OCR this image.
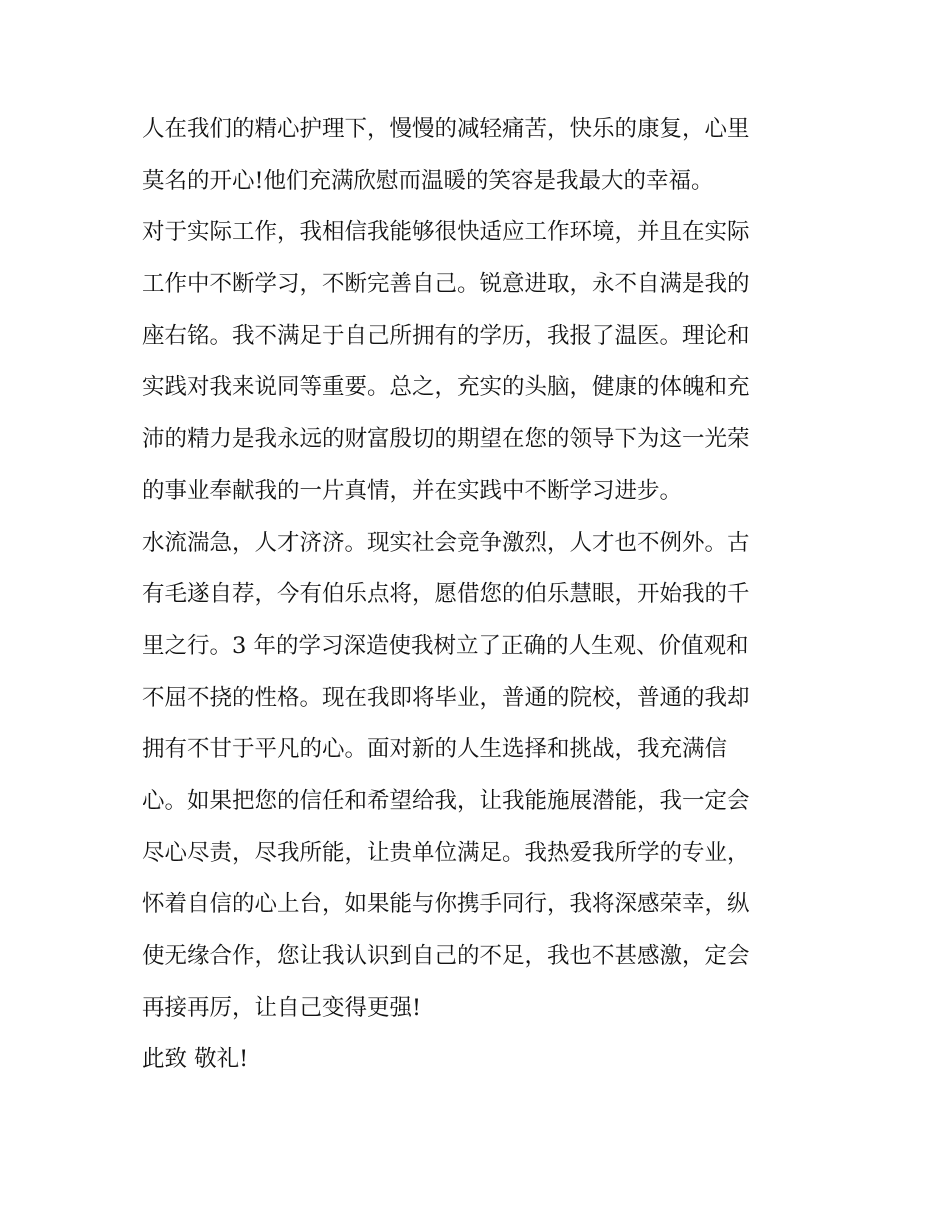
人在我们的精心护理下，慢慢的减轻痛苦，快乐的康复，心里
莫名的开心!他们充满欣慰而温暖的笑容是我最大的幸福。
对于实际工作，我相信我能够很快适应工作环境，并且在实际
工作中不断学习，不断完善自己。锐意进取，永不自满是我的
座右铭。我不满足于自己所拥有的学历，我报了温医。理论和
实践对我来说同等重要。总之，充实的头脑，健康的体魄和充
沛的精力是我永远的财富殷切的期望在您的领导下为这一光荣
的事业奉献我的一片真情，并在实践中不断学习进步。
水流湍急，人才济济。现实社会竞争激烈，人才也不例外。古
有毛遂自荐，今有伯乐点将，愿借您的伯乐慧眼，开始我的千
里之行。3 年的学习深造使我树立了正确的人生观、价值观和
不屈不挠的性格。现在我即将毕业，普通的院校，普通的我却
拥有不甘于平凡的心。面对新的人生选择和挑战，我充满信
心。如果把您的信任和希望给我，让我能施展潜能，我一定会
尽心尽责，尽我所能，让贵单位满足。我热爱我所学的专业，
怀着自信的心上台，如果能与你携手同行，我将深感荣幸，纵
使无缘合作，您让我认识到自己的不足，我也不甚感激，定会
再接再厉，让自己变得更强!
此致 敬礼!
